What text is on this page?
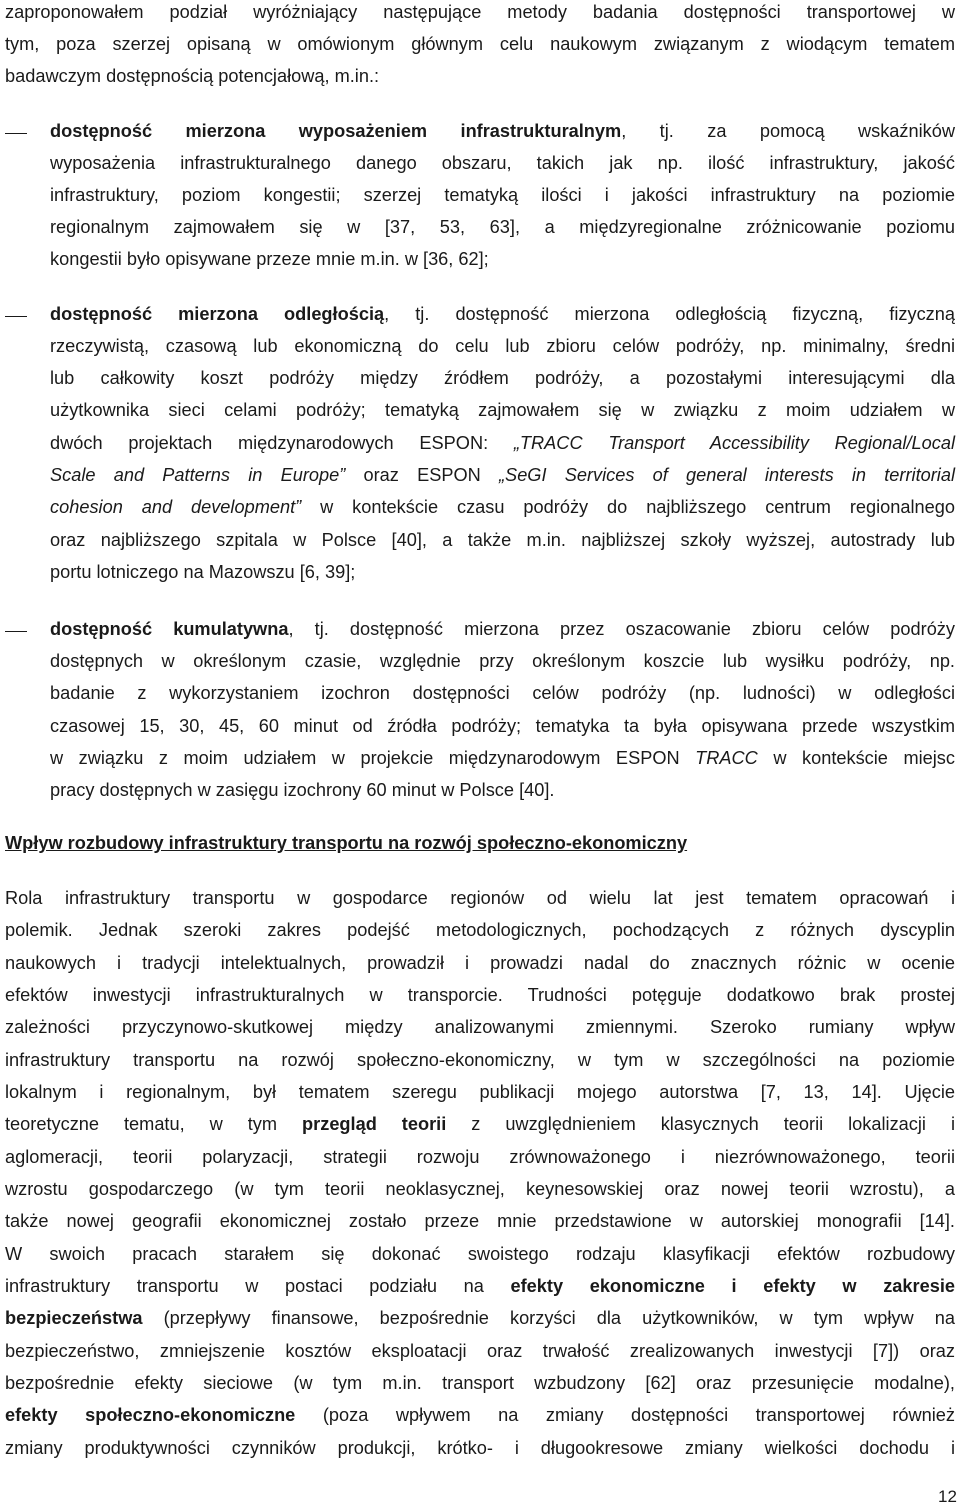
zaproponowałem podział wyróżniający następujące metody badania dostępności transportowej w
tym, poza szerzej opisaną w omówionym głównym celu naukowym związanym z wiodącym tematem
badawczym dostępnością potencjałową, m.in.:
dostępność mierzona wyposażeniem infrastrukturalnym, tj. za pomocą wskaźników
wyposażenia infrastrukturalnego danego obszaru, takich jak np. ilość infrastruktury, jakość
infrastruktury, poziom kongestii; szerzej tematyką ilości i jakości infrastruktury na poziomie
regionalnym zajmowałem się w [37, 53, 63], a międzyregionalne zróżnicowanie poziomu
kongestii było opisywane przeze mnie m.in. w [36, 62];
dostępność mierzona odległością, tj. dostępność mierzona odległością fizyczną, fizyczną
rzeczywistą, czasową lub ekonomiczną do celu lub zbioru celów podróży, np. minimalny, średni
lub całkowity koszt podróży między źródłem podróży, a pozostałymi interesującymi dla
użytkownika sieci celami podróży; tematyką zajmowałem się w związku z moim udziałem w
dwóch projektach międzynarodowych ESPON: „TRACC Transport Accessibility Regional/Local
Scale and Patterns in Europe” oraz ESPON „SeGI Services of general interests in territorial
cohesion and development” w kontekście czasu podróży do najbliższego centrum regionalnego
oraz najbliższego szpitala w Polsce [40], a także m.in. najbliższej szkoły wyższej, autostrady lub
portu lotniczego na Mazowszu [6, 39];
dostępność kumulatywna, tj. dostępność mierzona przez oszacowanie zbioru celów podróży
dostępnych w określonym czasie, względnie przy określonym koszcie lub wysiłku podróży, np.
badanie z wykorzystaniem izochron dostępności celów podróży (np. ludności) w odległości
czasowej 15, 30, 45, 60 minut od źródła podróży; tematyka ta była opisywana przede wszystkim
w związku z moim udziałem w projekcie międzynarodowym ESPON TRACC w kontekście miejsc
pracy dostępnych w zasięgu izochrony 60 minut w Polsce [40].
Wpływ rozbudowy infrastruktury transportu na rozwój społeczno-ekonomiczny
Rola infrastruktury transportu w gospodarce regionów od wielu lat jest tematem opracowań i
polemik. Jednak szeroki zakres podejść metodologicznych, pochodzących z różnych dyscyplin
naukowych i tradycji intelektualnych, prowadził i prowadzi nadal do znacznych różnic w ocenie
efektów inwestycji infrastrukturalnych w transporcie. Trudności potęguje dodatkowo brak prostej
zależności przyczynowo-skutkowej między analizowanymi zmiennymi. Szeroko rumiany wpływ
infrastruktury transportu na rozwój społeczno-ekonomiczny, w tym w szczególności na poziomie
lokalnym i regionalnym, był tematem szeregu publikacji mojego autorstwa [7, 13, 14]. Ujęcie
teoretyczne tematu, w tym przegląd teorii z uwzględnieniem klasycznych teorii lokalizacji i
aglomeracji, teorii polaryzacji, strategii rozwoju zrównoważonego i niezrównoważonego, teorii
wzrostu gospodarczego (w tym teorii neoklasycznej, keynesowskiej oraz nowej teorii wzrostu), a
także nowej geografii ekonomicznej zostało przeze mnie przedstawione w autorskiej monografii [14].
W swoich pracach starałem się dokonać swoistego rodzaju klasyfikacji efektów rozbudowy
infrastruktury transportu w postaci podziału na efekty ekonomiczne i efekty w zakresie
bezpieczeństwa (przepływy finansowe, bezpośrednie korzyści dla użytkowników, w tym wpływ na
bezpieczeństwo, zmniejszenie kosztów eksploatacji oraz trwałość zrealizowanych inwestycji [7]) oraz
bezpośrednie efekty sieciowe (w tym m.in. transport wzbudzony [62] oraz przesunięcie modalne),
efekty społeczno-ekonomiczne (poza wpływem na zmiany dostępności transportowej również
zmiany produktywności czynników produkcji, krótko- i długookresowe zmiany wielkości dochodu i
12
